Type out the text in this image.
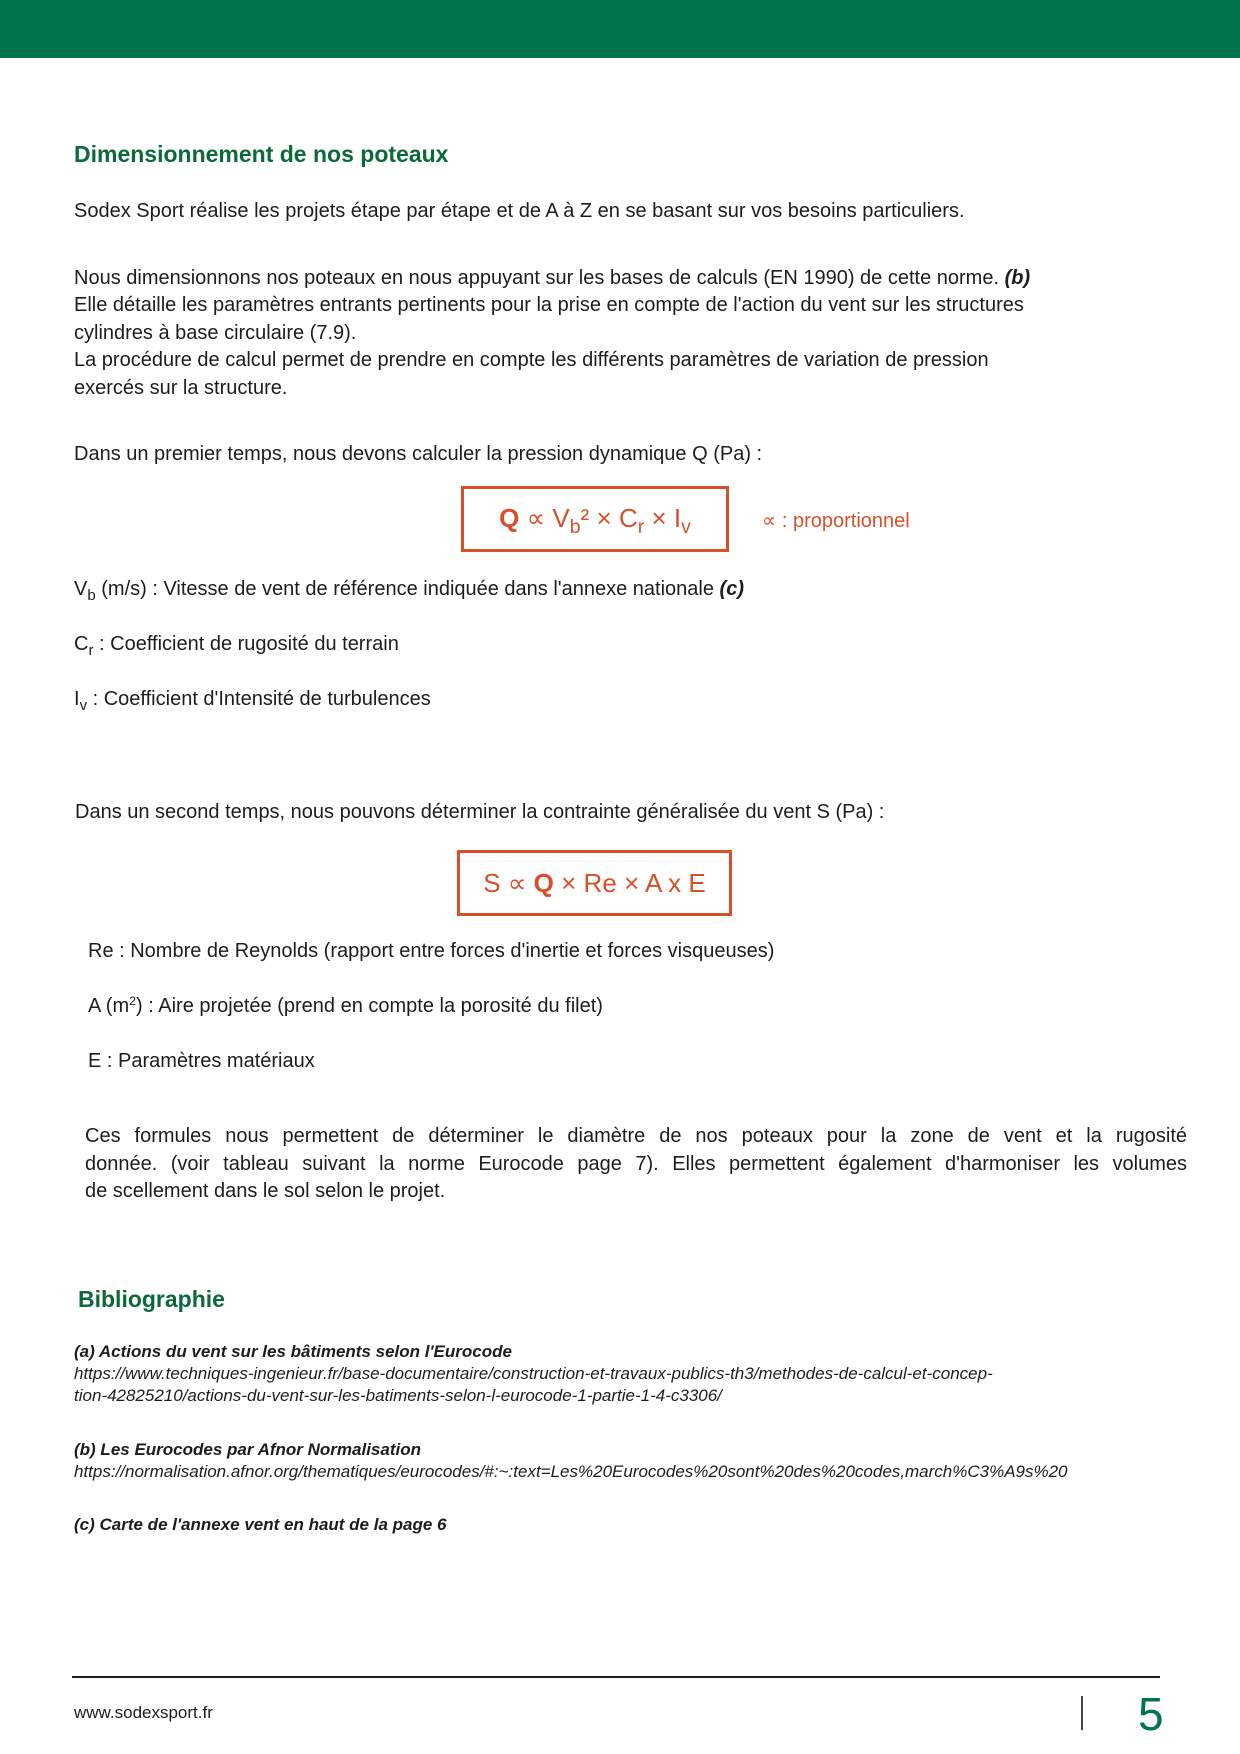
Dimensionnement de nos poteaux
Sodex Sport réalise les projets étape par étape et de A à Z en se basant sur vos besoins particuliers.
Nous dimensionnons nos poteaux en nous appuyant sur les bases de calculs (EN 1990) de cette norme. (b)
Elle détaille les paramètres entrants pertinents pour la prise en compte de l'action du vent sur les structures
cylindres à base circulaire (7.9).
La procédure de calcul permet de prendre en compte les différents paramètres de variation de pression
exercés sur la structure.
Dans un premier temps, nous devons calculer la pression dynamique Q (Pa) :
$Q \propto V_b^2 \times C_r \times I_v$	∝ : proportionnel
$V_b$ (m/s) : Vitesse de vent de référence indiquée dans l'annexe nationale (c)
$C_r$ : Coefficient de rugosité du terrain
$I_v$ : Coefficient d'Intensité de turbulences
Dans un second temps, nous pouvons déterminer la contrainte généralisée du vent S (Pa) :
S ∝ Q × Re × A x E
Re : Nombre de Reynolds (rapport entre forces d'inertie et forces visqueuses)
A $(m^2)$ : Aire projetée (prend en compte la porosité du filet)
E : Paramètres matériaux
Ces formules nous permettent de déterminer le diamètre de nos poteaux pour la zone de vent et la rugosité
donnée. (voir tableau suivant la norme Eurocode page 7). Elles permettent également d'harmoniser les volumes
de scellement dans le sol selon le projet.
Bibliographie
(a) Actions du vent sur les bâtiments selon l'Eurocode
https://www.techniques-ingenieur.fr/base-documentaire/construction-et-travaux-publics-th3/methodes-de-calcul-et-concep-
tion-42825210/actions-du-vent-sur-les-batiments-selon-l-eurocode-1-partie-1-4-c3306/
(b) Les Eurocodes par Afnor Normalisation
https://normalisation.afnor.org/thematiques/eurocodes/#:~:text=Les%20Eurocodes%20sont%20des%20codes,march%C3%A9s%20
(c) Carte de l'annexe vent en haut de la page 6
www.sodexsport.fr	5
